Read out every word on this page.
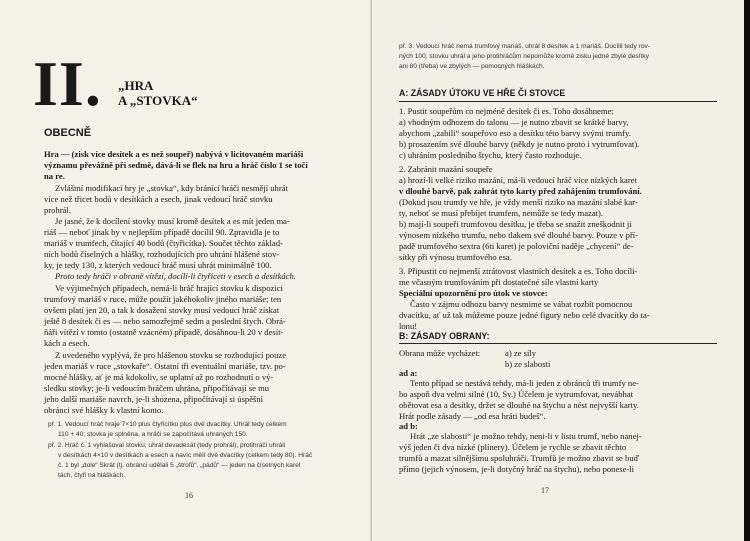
II. „HRA
A „STOVKA“
OBECNĚ

Hra — (zisk více desítek a es než soupeř) nabývá v licitovaném mariáši

významu převážně při sedmě, dává-li se flek na hru a hráč číslo 1 se točí

na re.

Zvláštní modifikací hry je „stovka“, kdy bránící hráči nesmějí uhrát

více než třicet bodů v desítkách a esech, jinak vedoucí hráč stovku

prohrál.

Je jasné, že k docílení stovky musí kromě desítek a es mít jeden ma-

riáš — neboť jinak by v nejlepším případě docílil 90. Zpravidla je to

mariáš v trumfech, čítající 40 bodů (čtyřicítka). Součet těchto základ-

ních bodů číselných a hlášky, rozhodujících pro uhrání hlášené stov-

ky, je tedy 130, z kterých vedoucí hráč musí uhrát minimálně 100.

Proto tedy hráči v obranë vítězí, docílí-li čtyřiceti v esech a desítkách.

Ve výjimečných případech, nemá-li hráč hrající stovku k dispozici

trumfový mariáš v ruce, může použít jakéhokoliv jiného mariáše; ten

ovšem platí jen 20, a tak k dosažení stovky musí vedoucí hráč získat

ještě 8 desítek či es — nebo samozřejmě sedm a poslední štych. Obrá-

ňáři vítězí v tomto (ostatně vzácném) případě, dosáhnou-li 20 v desít-

kách a esech.

Z uvedeného vyplývá, že pro hlášenou stovku se rozhodující pouze

jeden mariáš v ruce „stovkaře“. Ostatní tři eventuální mariáše, tzv. po-

mocné hlášky, ať je má kdokoliv, se uplatní až po rozhodnutí o vý-

sledku stovky; je-li vedoucím hráčem uhrána, připočítávají se mu

jeho další mariáše navrch, je-li shozena, připočítávají si úspěšní

obránci své hlášky k vlastní konto.

př. 1. Vedoucí hráč hraje 7×10 plus čtyřicítku plus dvě dvacítky. Uhrál tedy celkem

110 + 40; stovka je splněna, a hráči se započítává uhraných 150.

př. 2. Hráč č. 1 vyhlašoval stovku; uhrál devadesát (tedy prohrál), protihráči uhráli

v desítkách 4×10 v desítkách a esech a navíc mělí dvě dvacítky (celkem tedy 80). Hráč

č. 1 byl „dole“ Skrát (tj. obránci udělali 5 „štrofů“, „pádů“ — jeden na číselných karet

tách, čtyři na hláškách.

16

př. 3. Vedoucí hráč nemá trumfový mariáš, uhrál 8 desítek a 1 mariáš. Docílil tedy rov-

ných 100, stovku uhrál a jeho protihráčům nepomůže kromě zisku jedné zbylé desítky

ani 80 (třeba) ve zbylých — pomocných hláškách.

A: ZÁSADY ÚTOKU VE HŘE ČI STOVCE

1. Pustit soupeřům co nejméně desítek či es. Toho dosáhneme:

a) vhodným odhozem do talonu — je nutno zbavit se krátké barvy,

abychom „zabili“ soupeřovo eso a desítku této barvy svými trumfy.

b) prosazením své dlouhé barvy (někdy je nutno proto i vytrumfovat).

c) uhráním posledního štychu, který často rozhoduje.

2. Zabránit mazání soupeře

a) hrozí-li velké riziko mazání, má-li vedoucí hráč více nízkých karet

v dlouhé barvě, pak zahrát tyto karty před zahájením trumfování.

(Dokud jsou trumfy ve hře, je vždy menší riziko na mazání slabé kar-

ty, neboť se musí přebíjet trumfem, nemůže se tedy mazat).

b) mají-li soupeři trumfovou desítku, je třeba se snažit zneškodnit ji

výnosem nízkého trumfu, nebo tlakem své dlouhé barvy. Pouze v pří-

padě trumfového sextra (6ti karet) je poloviční naděje „chycení“ de-

sítky při výnosu trumfového esa.

3. Připustit co nejmenší ztrátovost vlastních desítek a es. Toho docíli-

me včasným trumfováním při dostatečné síle vlastní karty

Speciální upozornění pro útok ve stovce:

Často v zájmu odhozu barvy nesmime se vábat rozbít pomocnou

dvacítku, ať už tak můžeme pouze jedné figury nebo celé dvacítky do ta-

lonu!

B: ZÁSADY OBRANY:

Obrana může vycházet:	a) ze síly

b) ze slabosti

ad a:

Tento případ se nestává tehdy, má-li jeden z obránců tři trumfy ne-

bo aspoň dva velmi silné (10, Sv.) Účelem je vytrumfovat, nevábhat

obětovat esa a desítky, držet se dlouhé na štychu a nést nejvyšší karty.

Hrát podle zásady — „od esa hráti budeš“.

ad b:

Hrát „ze slabosti“ je možno tehdy, neni-li v listu trumf, nebo nanej-

výš jeden či dva nízké (plínery). Účelem je rychle se zbavit těchto

trumfů a mazat silnějšímu spoluhráči. Trumfů je možno zbavit se buď

přímo (jejich výnosem, je-li dotyčný hráč na štychu), nebo ponese-li

17
